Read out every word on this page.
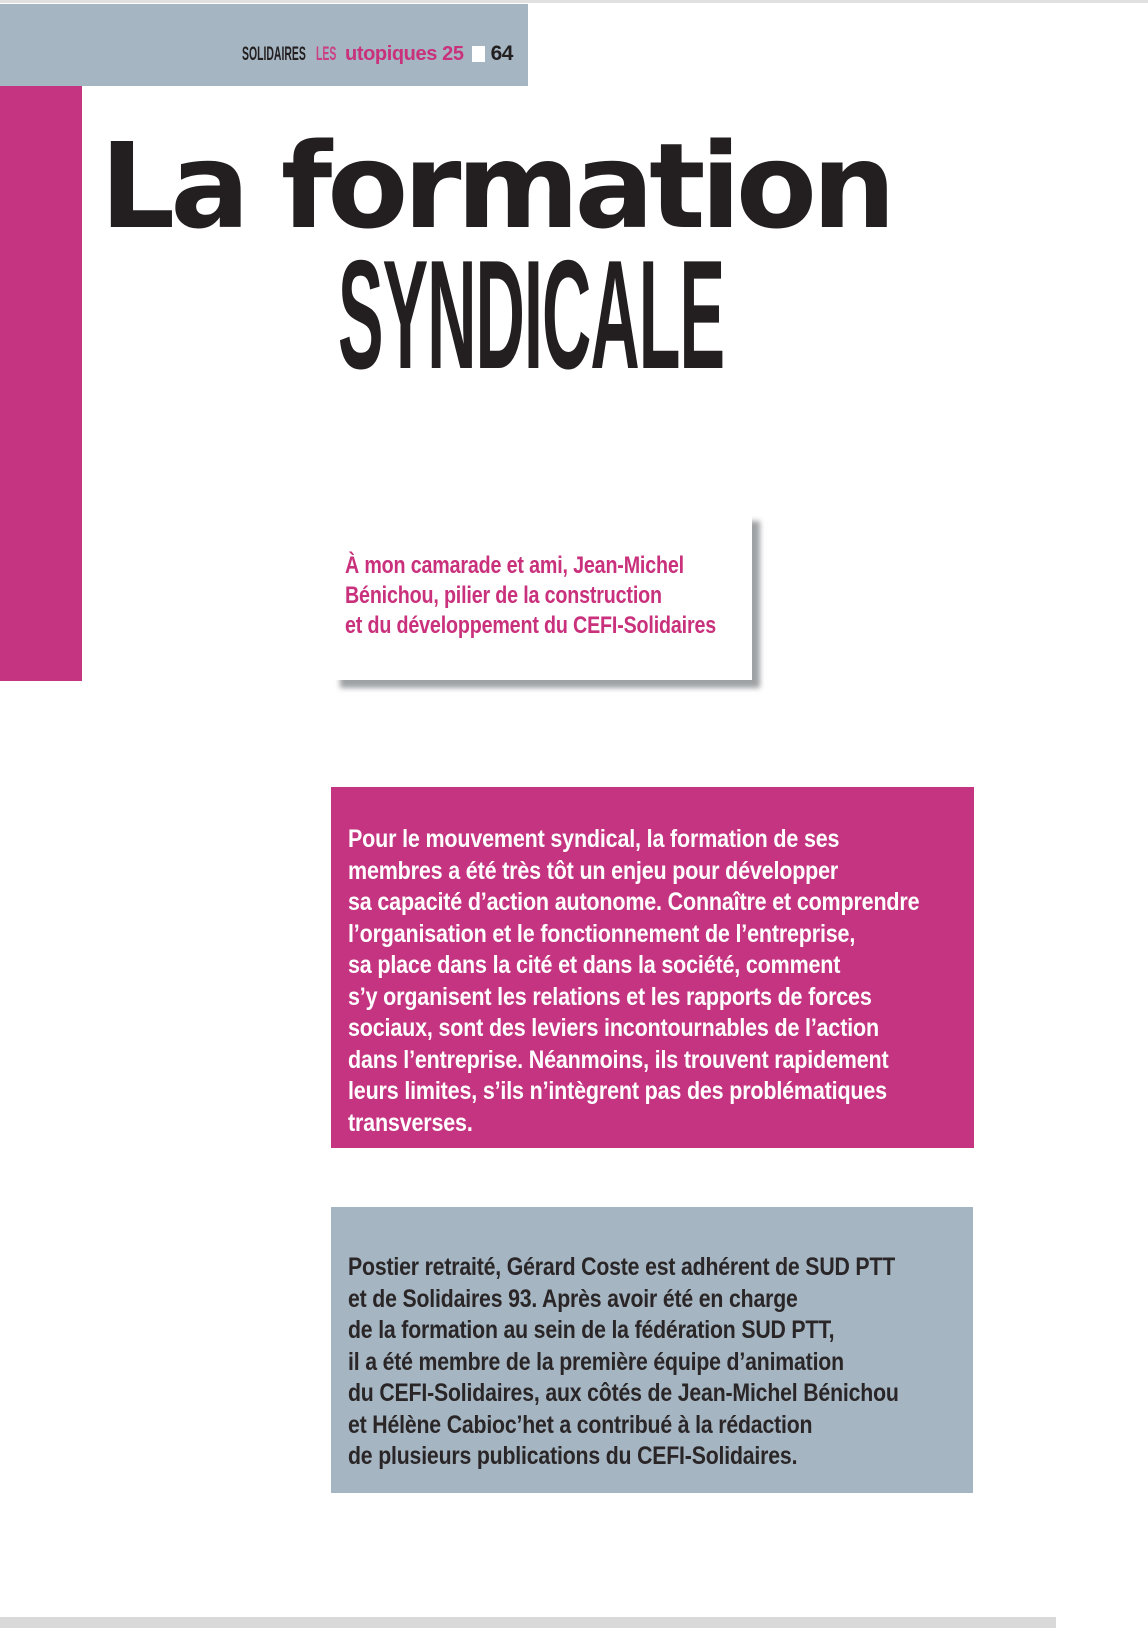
SOLIDAIRES LES utopiques 25 64
La formation
SYNDICALE
À mon camarade et ami, Jean-Michel
Bénichou, pilier de la construction
et du développement du CEFI-Solidaires
Pour le mouvement syndical, la formation de ses
membres a été très tôt un enjeu pour développer
sa capacité d’action autonome. Connaître et comprendre
l’organisation et le fonctionnement de l’entreprise,
sa place dans la cité et dans la société, comment
s’y organisent les relations et les rapports de forces
sociaux, sont des leviers incontournables de l’action
dans l’entreprise. Néanmoins, ils trouvent rapidement
leurs limites, s’ils n’intègrent pas des problématiques
transverses.
Postier retraité, Gérard Coste est adhérent de SUD PTT
et de Solidaires 93. Après avoir été en charge
de la formation au sein de la fédération SUD PTT,
il a été membre de la première équipe d’animation
du CEFI-Solidaires, aux côtés de Jean-Michel Bénichou
et Hélène Cabioc’het a contribué à la rédaction
de plusieurs publications du CEFI-Solidaires.
